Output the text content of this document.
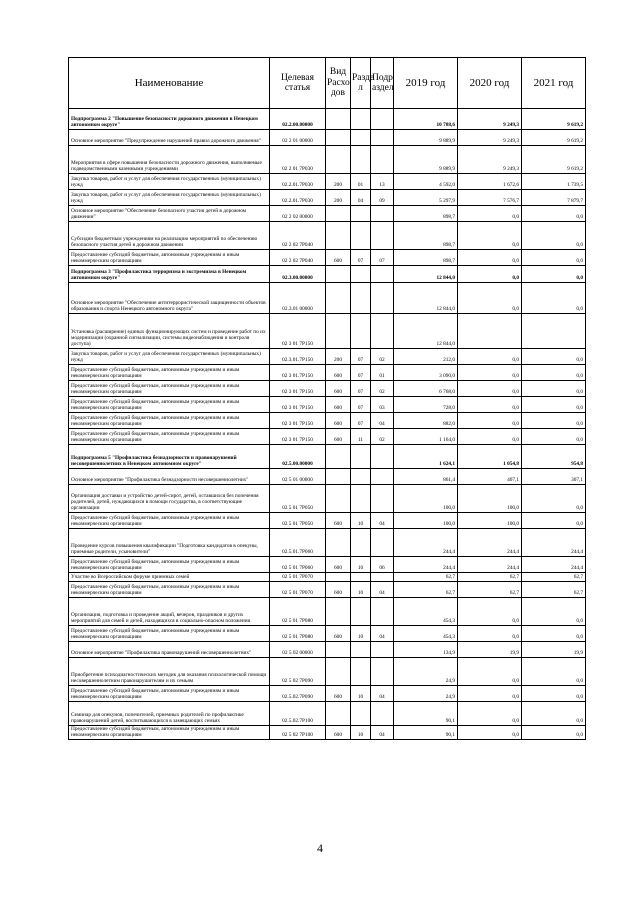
Наименование	Целевая статья	Вид Расхо дов	Разде л	Подр аздел	2019 год	2020 год	2021 год
Подпрограмма 2 "Повышение безопасности дорожного движения в Ненецком автономном округе"	02.2.00.00000				10 788,6	9 249,3	9 619,2
Основное мероприятие "Предупреждение нарушений правил дорожного движения"	02 2 01 00000				9 889,9	9 249,3	9 619,2
Мероприятия в сфере повышения безопасности дорожного движения, выполняемые подведомственными казенными учреждениями	02 2 01 7Р030				9 889,9	9 249,3	9 619,2
Закупка товаров, работ и услуг для обеспечения государственных (муниципальных) нужд	02.2.01.7Р030	200	01	13	4 592,0	1 672,6	1 739,5
Закупка товаров, работ и услуг для обеспечения государственных (муниципальных) нужд	02.2.01.7Р030	200	04	09	5 297,9	7 576,7	7 879,7
Основное мероприятие "Обеспечение безопасного участия детей в дорожном движении"	02 2 02 00000				898,7	0,0	0,0
Субсидии бюджетным учреждениям на реализацию мероприятий по обеспечению безопасного участия детей в дорожном движении	02 2 02 7Р040				898,7	0,0	0,0
Предоставление субсидий бюджетным, автономным учреждениям и иным некоммерческим организациям	02 2 02 7Р040	600	07	07	898,7	0,0	0,0
Подпрограмма 3 "Профилактика терроризма и экстремизма в Ненецком автономном округе"	02.3.00.00000				12 844,0	0,0	0,0
Основное мероприятие "Обеспечение антитеррористической защищенности объектов образования и спорта Ненецкого автономного округа"	02.3.01 00000				12 844,0	0,0	0,0
Установка (расширение) единых функционирующих систем и проведение работ по их модернизации (охранной сигнализации, системы видеонаблюдения и контроля доступа)	02 3 01 7Р150				12 844,0		
Закупка товаров, работ и услуг для обеспечения государственных (муниципальных) нужд	02.3.01.7Р150	200	07	02	212,0	0,0	0,0
Предоставление субсидий бюджетным, автономным учреждениям и иным некоммерческим организациям	02 3 01.7Р150	600	07	01	3 090,0	0,0	0,0
Предоставление субсидий бюджетным, автономным учреждениям и иным некоммерческим организациям	02 3 01 7Р150	600	07	02	6 768,0	0,0	0,0
Предоставление субсидий бюджетным, автономным учреждениям и иным некоммерческим организациям	02 3 01 7Р150	600	07	03	728,0	0,0	0,0
Предоставление субсидий бюджетным, автономным учреждениям и иным некоммерческим организациям	02 3 01 7Р150	600	07	04	882,0	0,0	0,0
Предоставление субсидий бюджетным, автономным учреждениям и иным некоммерческим организациям	02 3 01 7Р150	600	11	02	1 164,0	0,0	0,0
Подпрограмма 5 "Профилактика безнадзорности и правонарушений несовершеннолетних в Ненецком автономном округе"	02.5.00.00000				1 624,1	1 054,8	954,8
Основное мероприятие "Профилактика безнадзорности несовершеннолетних"	02 5 01 00000				861,4	407,1	307,1
Организация доставки и устройство детей-сирот, детей, оставшихся без попечения родителей, детей, нуждающихся в помощи государства, в соответствующие организации	02 5 01 7Р050				100,0	100,0	0,0
Предоставление субсидий бюджетным, автономным учреждениям и иным некоммерческим организациям	02 5 01 7Р050	600	10	04	100,0	100,0	0,0
Проведение курсов повышения квалификации "Подготовка кандидатов в опекуны, приемные родители, усыновители"	02.5.01.7Р060				244,4	244,4	244,4
Предоставление субсидий бюджетным, автономным учреждениям и иным некоммерческим организациям	02 5 01 7Р060	600	10	06	244,4	244,4	244,4
Участие во Всероссийском форуме приемных семей	02 5 01 7Р070				62,7	62,7	62,7
Предоставление субсидий бюджетным, автономным учреждениям и иным некоммерческим организациям	02 5 01 7Р070	600	10	04	62,7	62,7	62,7
Организация, подготовка и проведение акций, вечеров, праздников и других мероприятий для семей и детей, находящихся в социально-опасном положении	02 5 01 7Р080				454,3	0,0	0,0
Предоставление субсидий бюджетным, автономным учреждениям и иным некоммерческим организациям	02 5 01 7Р080	600	10	04	454,3	0,0	0,0
Основное мероприятие "Профилактика правонарушений несовершеннолетних"	02 5 02 00000				134,9	19,9	19,9
Приобретение психодиагностических методик для оказания психологической помощи несовершеннолетним правонарушителям и их семьям	02 5 02 7Р090				24,9	0,0	0,0
Предоставление субсидий бюджетным, автономным учреждениям и иным некоммерческим организациям	02.5.02.7Р090	600	10	04	24,9	0,0	0,0
Семинар для опекунов, попечителей, приемных родителей по профилактике правонарушений детей, воспитывающихся в замещающих семьях	02.5.02.7Р100				90,1	0,0	0,0
Предоставление субсидий бюджетным, автономным учреждениям и иным некоммерческим организациям	02 5 02 7Р100	600	10	04	90,1	0,0	0,0
4
